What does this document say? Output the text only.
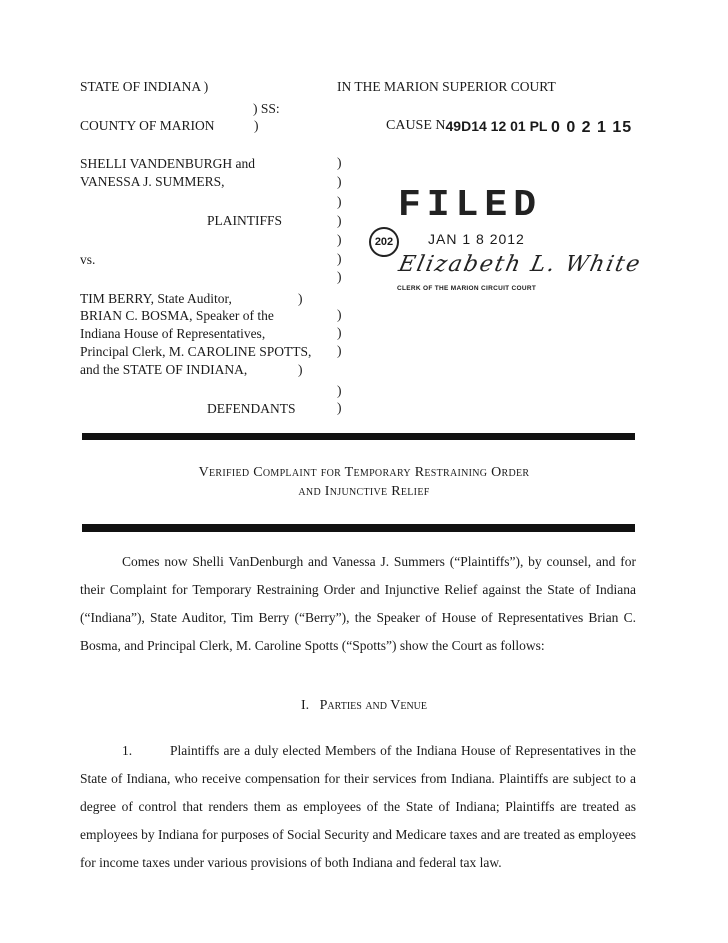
STATE OF INDIANA )
) SS:
COUNTY OF MARION	)
IN THE MARION SUPERIOR COURT
CAUSE N49D14 12 01 PL 0 0 2 1 15
SHELLI VANDENBURGH and
VANESSA J. SUMMERS,
PLAINTIFFS
vs.
TIM BERRY, State Auditor,
BRIAN C. BOSMA, Speaker of the
Indiana House of Representatives,
Principal Clerk, M. CAROLINE SPOTTS,
and the STATE OF INDIANA,
DEFENDANTS
)
)
)
)
)
)
)
)
)
)
)
)
)
)
FILED
202	JAN 1 8 2012
Elizabeth L. White
CLERK OF THE MARION CIRCUIT COURT
Verified Complaint for Temporary Restraining Order
and Injunctive Relief
Comes now Shelli VanDenburgh and Vanessa J. Summers (“Plaintiffs”), by counsel, and for their Complaint for Temporary Restraining Order and Injunctive Relief against the State of Indiana (“Indiana”), State Auditor, Tim Berry (“Berry”), the Speaker of House of Representatives Brian C. Bosma, and Principal Clerk, M. Caroline Spotts (“Spotts”) show the Court as follows:
I. Parties and Venue
1.	Plaintiffs are a duly elected Members of the Indiana House of Representatives in the State of Indiana, who receive compensation for their services from Indiana. Plaintiffs are subject to a degree of control that renders them as employees of the State of Indiana; Plaintiffs are treated as employees by Indiana for purposes of Social Security and Medicare taxes and are treated as employees for income taxes under various provisions of both Indiana and federal tax law.
